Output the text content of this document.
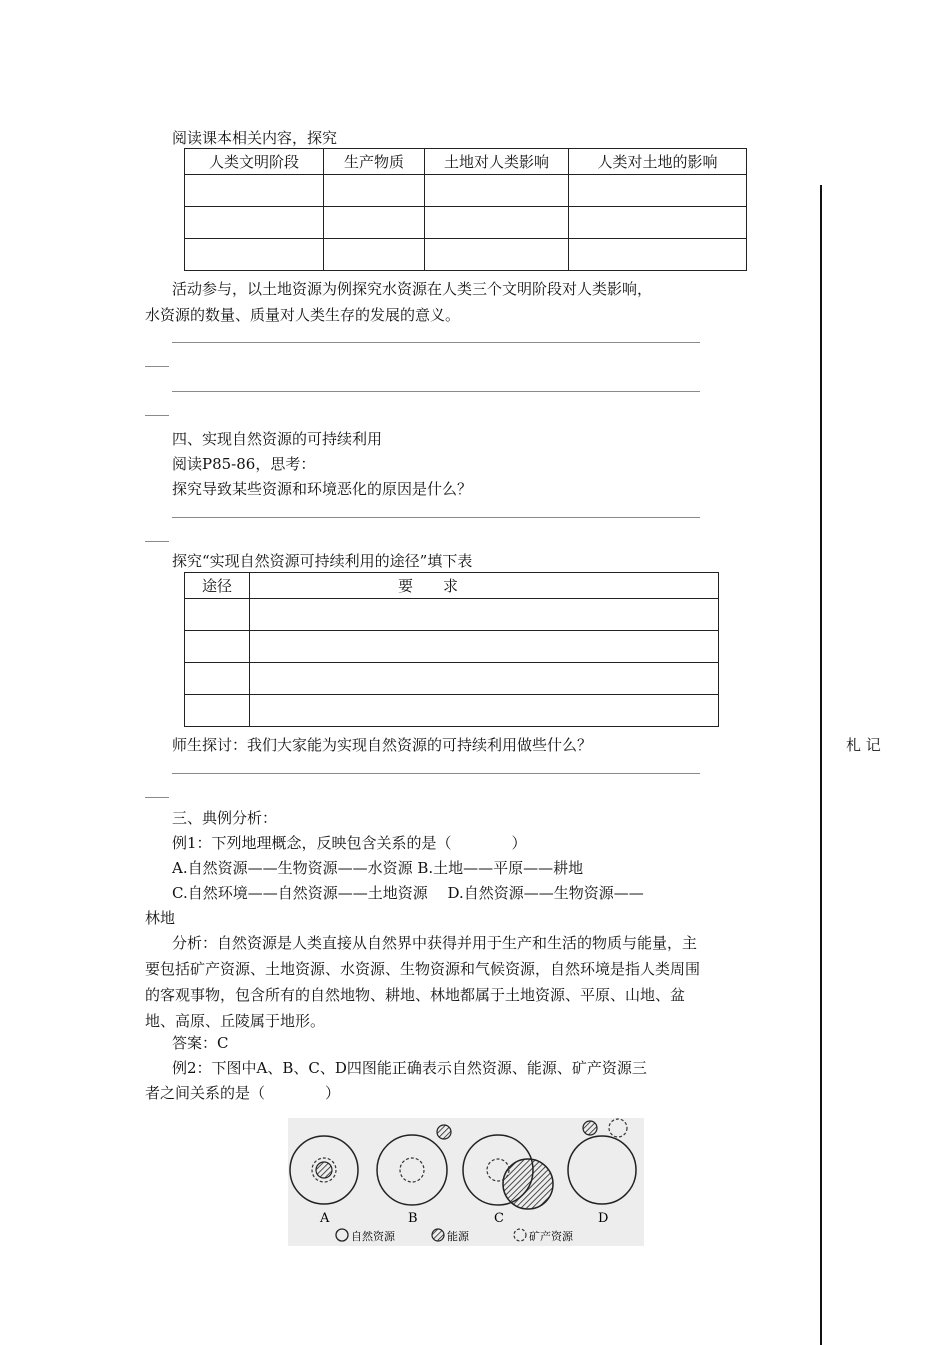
札 记
阅读课本相关内容，探究
人类文明阶段	生产物质	土地对人类影响	人类对土地的影响

活动参与，以土地资源为例探究水资源在人类三个文明阶段对人类影响，
水资源的数量、质量对人类生存的发展的意义。
四、实现自然资源的可持续利用
阅读P85-86，思考：
探究导致某些资源和环境恶化的原因是什么？
探究“实现自然资源可持续利用的途径”填下表
途径	要　　求

师生探讨：我们大家能为实现自然资源的可持续利用做些什么？
三、典例分析：
例1：下列地理概念，反映包含关系的是（　　　　）
A.自然资源——生物资源——水资源 B.土地——平原——耕地
C.自然环境——自然资源——土地资源　 D.自然资源——生物资源——
林地
分析：自然资源是人类直接从自然界中获得并用于生产和生活的物质与能量，主要包括矿产资源、土地资源、水资源、生物资源和气候资源，自然环境是指人类周围的客观事物，包含所有的自然地物、耕地、林地都属于土地资源、平原、山地、盆地、高原、丘陵属于地形。
答案：C
例2：下图中A、B、C、D四图能正确表示自然资源、能源、矿产资源三
者之间关系的是（　　　　）
A	B	C	D
自然资源	能源	矿产资源
